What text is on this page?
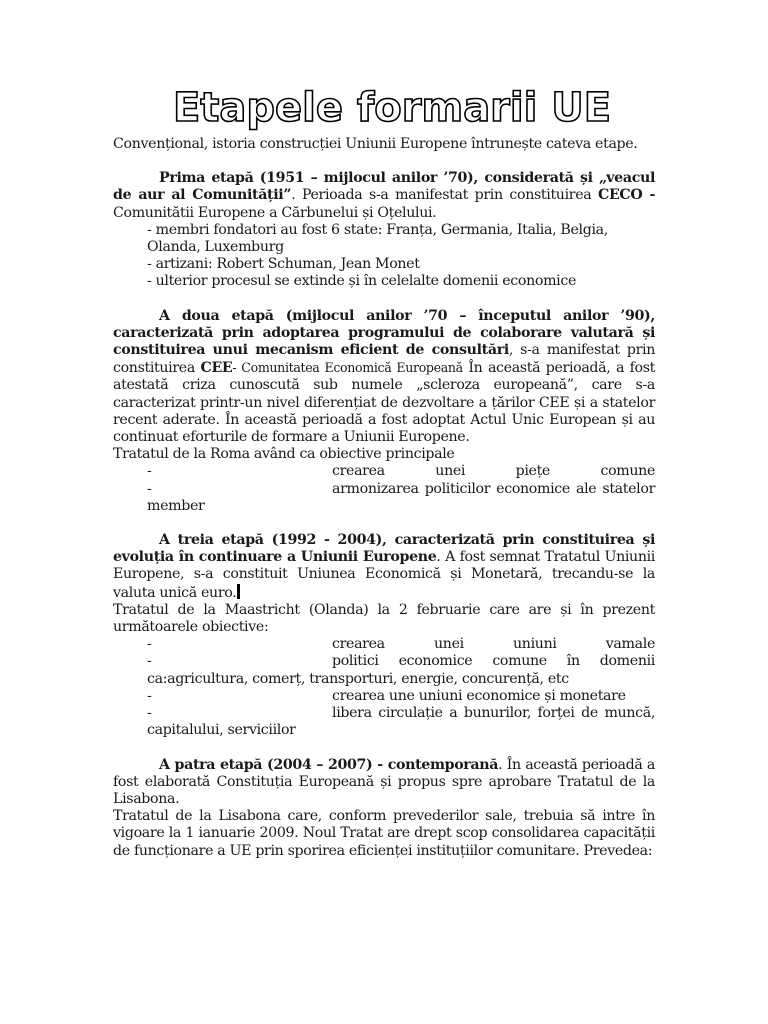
Etapele formarii UE

Convențional, istoria construcției Uniunii Europene întrunește cateva etape.

Prima etapă (1951 – mijlocul anilor ’70), considerată și „veacul de aur al Comunității”. Perioada s-a manifestat prin constituirea CECO - Comunitătii Europene a Cărbunelui și Oțelului.

- membri fondatori au fost 6 state: Franța, Germania, Italia, Belgia, Olanda, Luxemburg

- artizani: Robert Schuman, Jean Monet

- ulterior procesul se extinde și în celelalte domenii economice

A doua etapă (mijlocul anilor ’70 – începutul anilor ’90), caracterizată prin adoptarea programului de colaborare valutară și constituirea unui mecanism eficient de consultări, s-a manifestat prin constituirea CEE- Comunitatea Economică Europeană În această perioadă, a fost atestată criza cunoscută sub numele „scleroza europeană”, care s-a caracterizat printr-un nivel diferențiat de dezvoltare a țărilor CEE și a statelor recent aderate. În această perioadă a fost adoptat Actul Unic European și au continuat eforturile de formare a Uniunii Europene.

Tratatul de la Roma având ca obiective principale

-	crearea unei piețe comune
-	armonizarea politicilor economice ale statelor

member

A treia etapă (1992 - 2004), caracterizată prin constituirea și evoluția în continuare a Uniunii Europene. A fost semnat Tratatul Uniunii Europene, s-a constituit Uniunea Economică și Monetară, trecandu-se la valuta unică euro.

Tratatul de la Maastricht (Olanda) la 2 februarie care are și în prezent următoarele obiective:

-	crearea unei uniuni vamale
-	politici economice comune în domenii

ca:agricultura, comerț, transporturi, energie, concurență, etc

-	crearea une uniuni economice și monetare
-	libera circulație a bunurilor, forței de muncă,

capitalului, serviciilor

A patra etapă (2004 – 2007) - contemporană. În această perioadă a fost elaborată Constituția Europeană și propus spre aprobare Tratatul de la Lisabona.

Tratatul de la Lisabona care, conform prevederilor sale, trebuia să intre în vigoare la 1 ianuarie 2009. Noul Tratat are drept scop consolidarea capacității de funcționare a UE prin sporirea eficienței instituțiilor comunitare. Prevedea:
